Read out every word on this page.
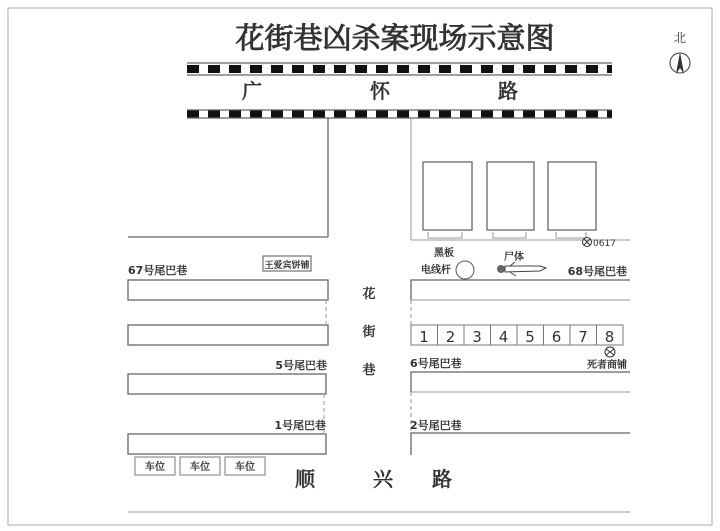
花街巷凶杀案现场示意图	北
广	怀	路
花
街
巷
67号尾巴巷	王爱宾饼铺
5号尾巴巷
1号尾巴巷
1 2 3 4 5 6 7 8
6号尾巴巷
2号尾巴巷
68号尾巴巷
死者商铺
黑板
电线杆
尸体
0617
车位	车位	车位 顺	兴 路
